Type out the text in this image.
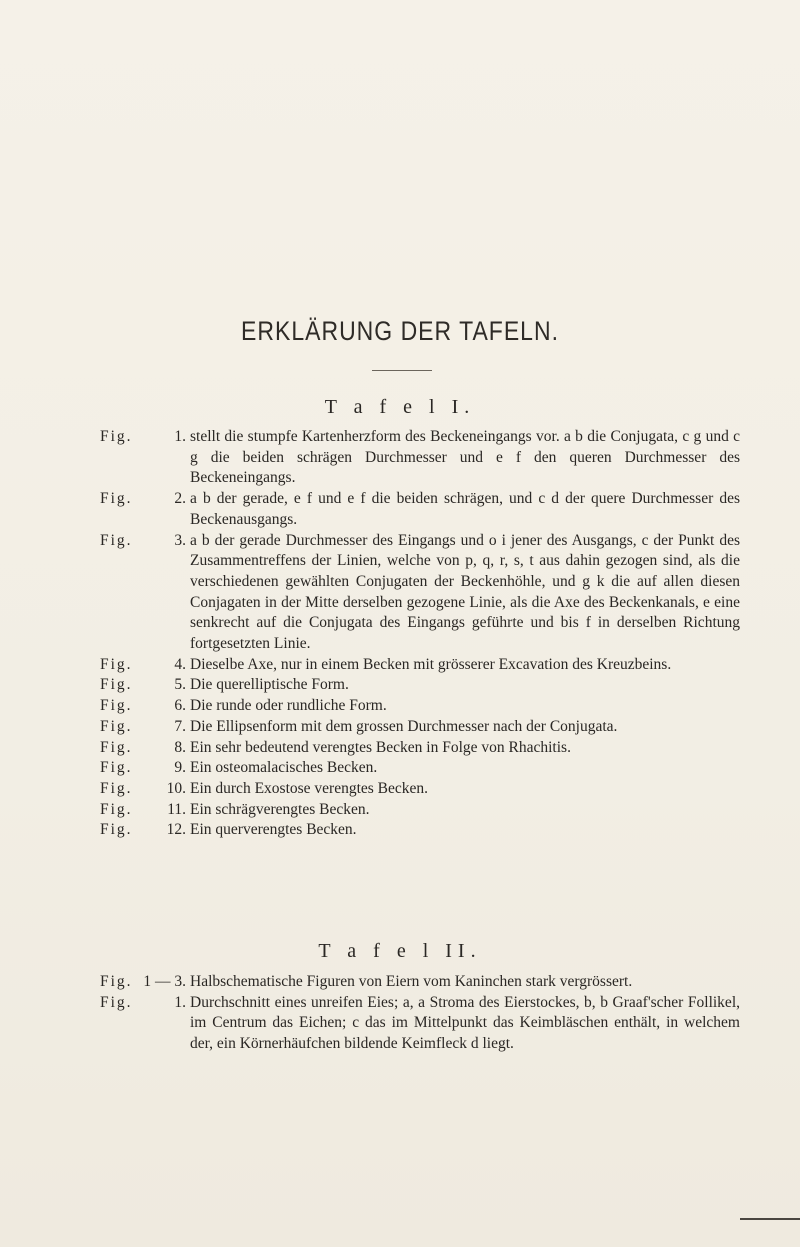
ERKLÄRUNG DER TAFELN.
T a f e l I.
Fig.	1. stellt die stumpfe Kartenherzform des Beckeneingangs vor. a b die Conjugata, c g und c g die beiden schrägen Durchmesser und e f den queren Durchmesser des Beckeneingangs.
Fig.	2. a b der gerade, e f und e f die beiden schrägen, und c d der quere Durchmesser des Beckenausgangs.
Fig.	3. a b der gerade Durchmesser des Eingangs und o i jener des Ausgangs, c der Punkt des Zusammentreffens der Linien, welche von p, q, r, s, t aus dahin gezogen sind, als die verschiedenen gewählten Conjugaten der Beckenhöhle, und g k die auf allen diesen Conjagaten in der Mitte derselben gezogene Linie, als die Axe des Beckenkanals, e eine senkrecht auf die Conjugata des Eingangs geführte und bis f in derselben Richtung fortgesetzten Linie.
Fig.	4. Dieselbe Axe, nur in einem Becken mit grösserer Excavation des Kreuzbeins.
Fig.	5. Die querelliptische Form.
Fig.	6. Die runde oder rundliche Form.
Fig.	7. Die Ellipsenform mit dem grossen Durchmesser nach der Conjugata.
Fig.	8. Ein sehr bedeutend verengtes Becken in Folge von Rhachitis.
Fig.	9. Ein osteomalacisches Becken.
Fig.	10. Ein durch Exostose verengtes Becken.
Fig.	11. Ein schrägverengtes Becken.
Fig.	12. Ein querverengtes Becken.
T a f e l II.
Fig. 1 — 3. Halbschematische Figuren von Eiern vom Kaninchen stark vergrössert.
Fig.	1. Durchschnitt eines unreifen Eies; a, a Stroma des Eierstockes, b, b Graaf'scher Follikel, im Centrum das Eichen; c das im Mittelpunkt das Keimbläschen enthält, in welchem der, ein Körnerhäufchen bildende Keimfleck d liegt.
